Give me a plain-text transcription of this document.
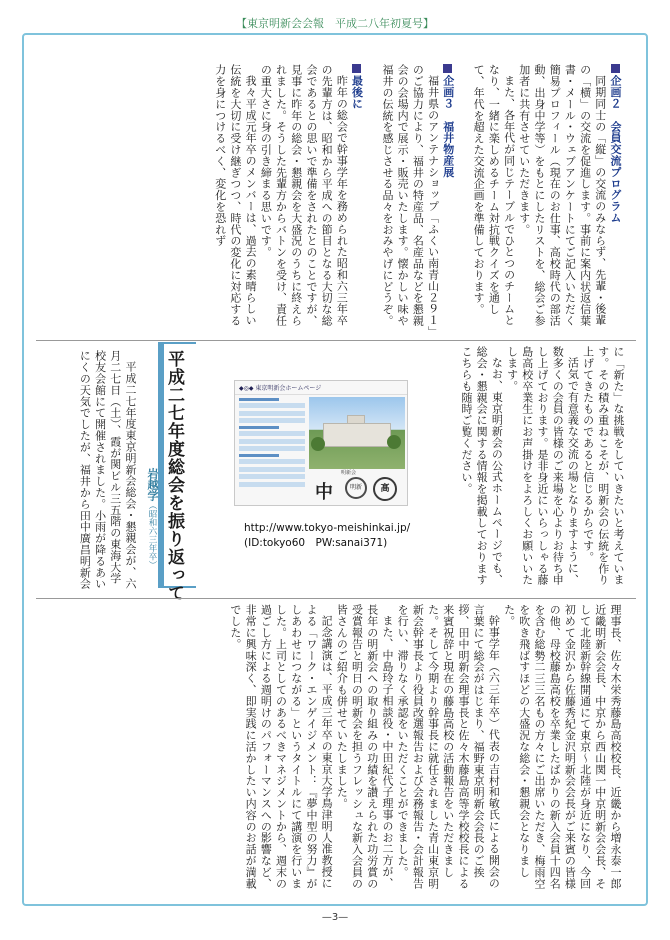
【東京明新会会報　平成二八年初夏号】

企画２　会員交流プログラム

同期同士の「縦」の交流のみならず、先輩・後輩の「横」の交流を促進します。事前に案内状返信葉書・メール・ウェブアンケートにてご記入いただく簡易プロフィール（現在のお仕事、高校時代の部活動、出身中学等）をもとにしたリストを、総会ご参加者に共有させていただきます。

また、各年代が同じテーブルでひとつのチームとなり、一緒に楽しめるチーム対抗戦クイズを通して、年代を超えた交流企画を準備しております。

企画３　福井物産展

福井県のアンテナショップ「ふくい南青山２９１」のご協力により、福井の特産品、名産品などを懇親会の会場内で展示・販売いたします。懐かしい味や福井の伝統を感じさせる品々をおみやげにどうぞ。

最後に

昨年の総会で幹事学年を務められた昭和六三年卒の先輩方は、昭和から平成への節目となる大切な総会であるとの思いで準備をされたとのことですが、見事に昨年の総会・懇親会を大盛況のうちに終えられました。そうした先輩方からバトンを受け、責任の重大さに身の引き締まる思いです。

我々平成元年卒のメンバーは、過去の素晴らしい伝統を大切に受け継ぎつつ、時代の変化に対応する力を身につけるべく、変化を恐れず

に「新た」な挑戦をしていきたいと考えています。その積み重ねこそが、明新会の伝統を作り上げてきたものであると信じるからです。

活気で有意義な交流の場となりますように、数多くの会員の皆様のご来場を心よりお待ち申し上げております。是非身近にいらっしゃる藤島高校卒業生にお声掛けをよろしくお願いいたします。

なお、東京明新会の公式ホームページでも、総会・懇親会に関する情報を掲載しておりますこちらも随時ご覧ください。

◆◎◆ 東京明新会ホームページ
明新会
中	明新	高
http://www.tokyo-meishinkai.jp/
(ID:tokyo60　PW:sanai371)
平成二七年度総会を振り返って
岩越学（昭和六三年卒）

平成二七年度東京明新会総会・懇親会が、六月二七日（土）、霞が関ビル三五階の東海大学校友会館にて開催されました。小雨が降るあいにくの天気でしたが、福井から田中廣昌明新会

理事長、佐々木栄秀藤島高校校長、近畿から増永泰一郎近畿明新会会長、中京から西山関一中京明新会会長、そして北陸新幹線開通にて東京〜北陸が身近になり、今回初めて金沢から佐藤秀紀金沢明新会会長がご来賓の皆様の他、母校藤島高校を卒業したばかりの新入会員十四名を含む総勢二三三名もの方々にご出席いただき、梅雨空を吹き飛ばすほどの大盛況な総会・懇親会となりました。

幹事学年（六三年卒）代表の吉村和敏氏による開会の言葉にて総会がはじまり、福野東京明新会会長のご挨拶、田中明新会理事長と佐々木藤島高等学校校長による来賓祝辞と現在の藤島高校の活動報告をいただきました。そして今期より幹事長に就任されました青山東京明新会幹事長より役員改選報告および会務報告・会計報告を行い、滞りなく承認をいただくことができました。

また、中島玲子相談役・中田紀代子理事のお二方が、長年の明新会への取り組みの功績を讃えられた功労賞の受賞報告と明日の明新会を担うフレッシュな新入会員の皆さんのご紹介も併せていたしました。

記念講演は、平成三年卒の東京大学鳥津明人准教授による「ワーク・エンゲイジメント：『夢中型の努力』がしあわせにつながる」というタイトルにて講演を行いました。上司としてのあるべきマネジメントから、週末の過ごし方による週明けのパフォーマンスへの影響など、非常に興味深く、即実践に活かしたい内容のお話が満載でした。

—3—
